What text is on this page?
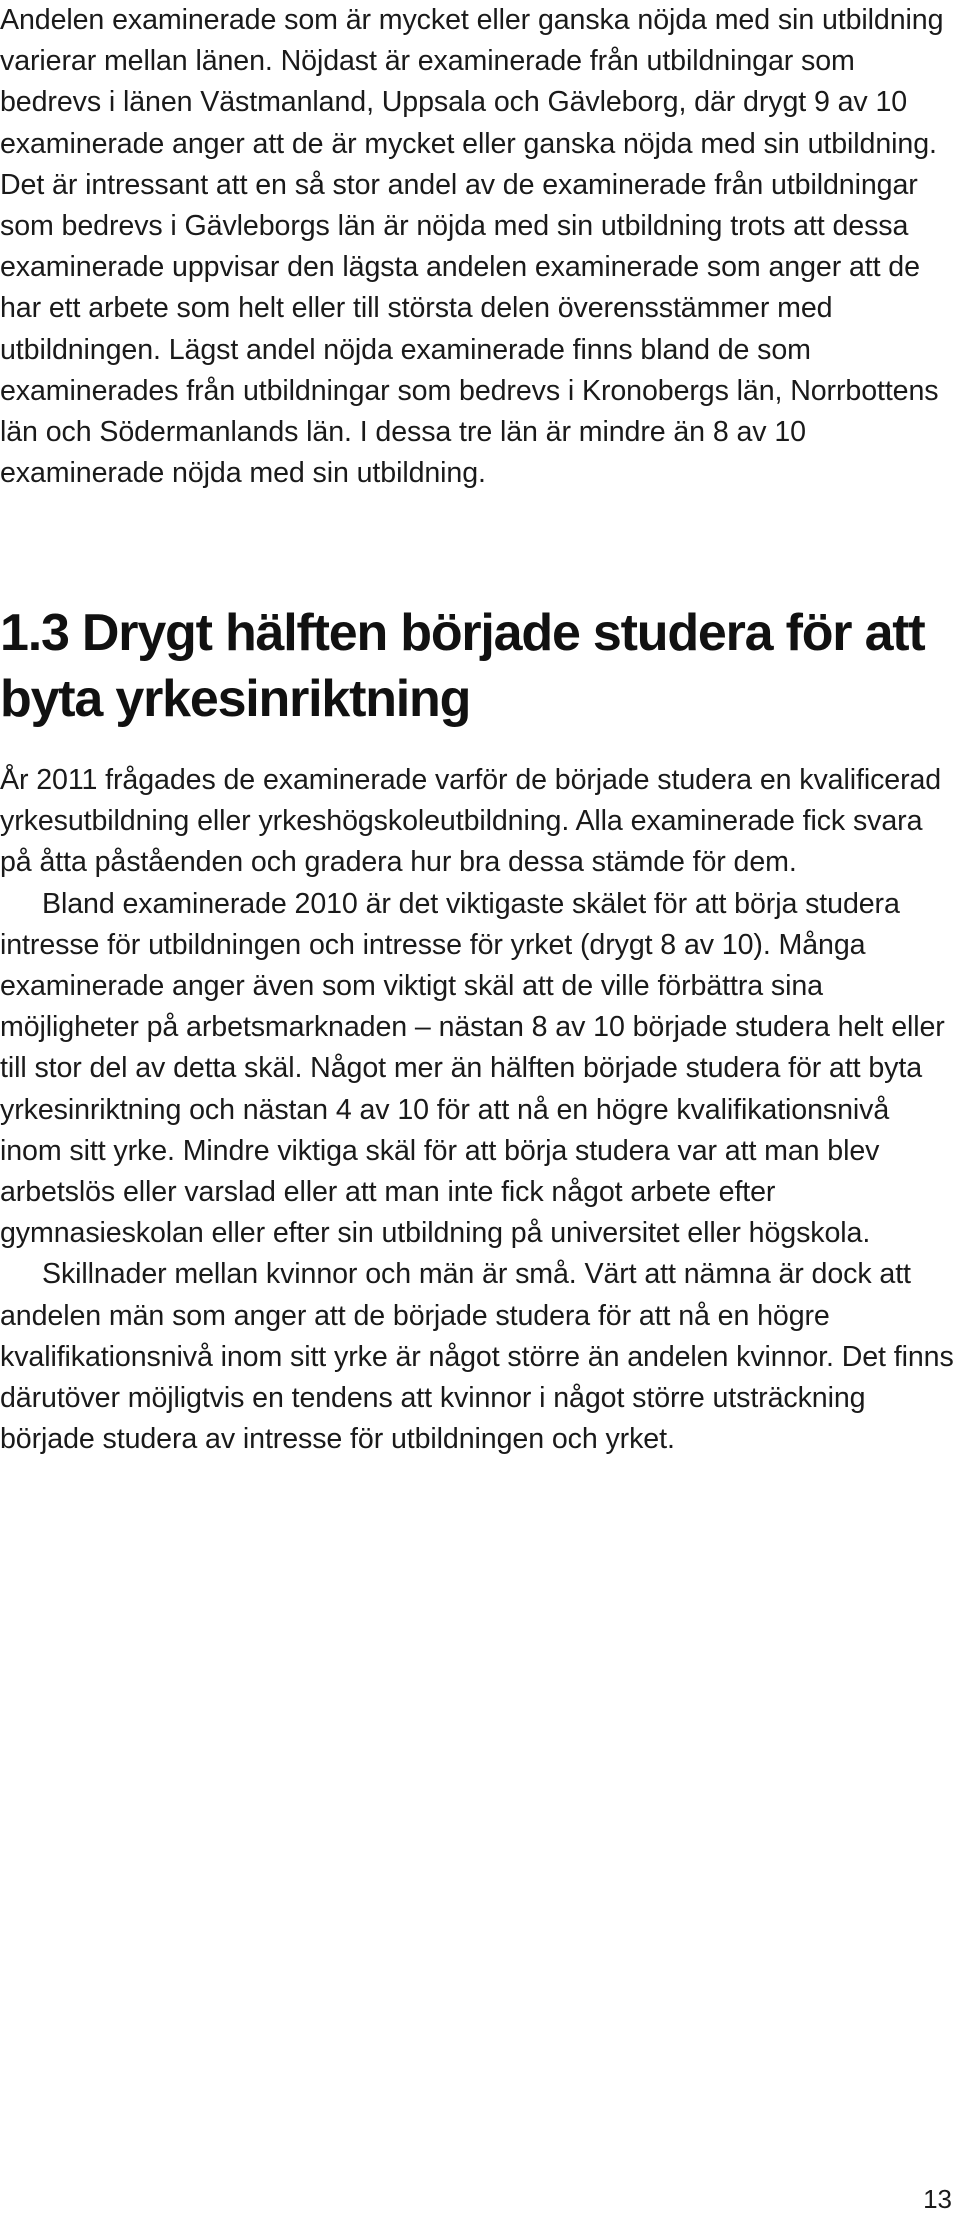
Andelen examinerade som är mycket eller ganska nöjda med sin utbildning varierar mellan länen. Nöjdast är examinerade från utbildningar som bedrevs i länen Västmanland, Uppsala och Gävleborg, där drygt 9 av 10 examinerade anger att de är mycket eller ganska nöjda med sin utbildning. Det är intressant att en så stor andel av de examinerade från utbildningar som bedrevs i Gävleborgs län är nöjda med sin utbildning trots att dessa examinerade uppvisar den lägsta andelen examinerade som anger att de har ett arbete som helt eller till största delen överensstämmer med utbildningen. Lägst andel nöjda examinerade finns bland de som examinerades från utbildningar som bedrevs i Kronobergs län, Norrbottens län och Södermanlands län. I dessa tre län är mindre än 8 av 10 examinerade nöjda med sin utbildning.

1.3 Drygt hälften började studera för att byta yrkesinriktning

År 2011 frågades de examinerade varför de började studera en kvalificerad yrkesutbildning eller yrkeshögskoleutbildning. Alla examinerade fick svara på åtta påståenden och gradera hur bra dessa stämde för dem.

Bland examinerade 2010 är det viktigaste skälet för att börja studera intresse för utbildningen och intresse för yrket (drygt 8 av 10). Många examinerade anger även som viktigt skäl att de ville förbättra sina möjligheter på arbetsmarknaden – nästan 8 av 10 började studera helt eller till stor del av detta skäl. Något mer än hälften började studera för att byta yrkesinriktning och nästan 4 av 10 för att nå en högre kvalifikationsnivå inom sitt yrke. Mindre viktiga skäl för att börja studera var att man blev arbetslös eller varslad eller att man inte fick något arbete efter gymnasieskolan eller efter sin utbildning på universitet eller högskola.

Skillnader mellan kvinnor och män är små. Värt att nämna är dock att andelen män som anger att de började studera för att nå en högre kvalifikationsnivå inom sitt yrke är något större än andelen kvinnor. Det finns därutöver möjligtvis en tendens att kvinnor i något större utsträckning började studera av intresse för utbildningen och yrket.

13
